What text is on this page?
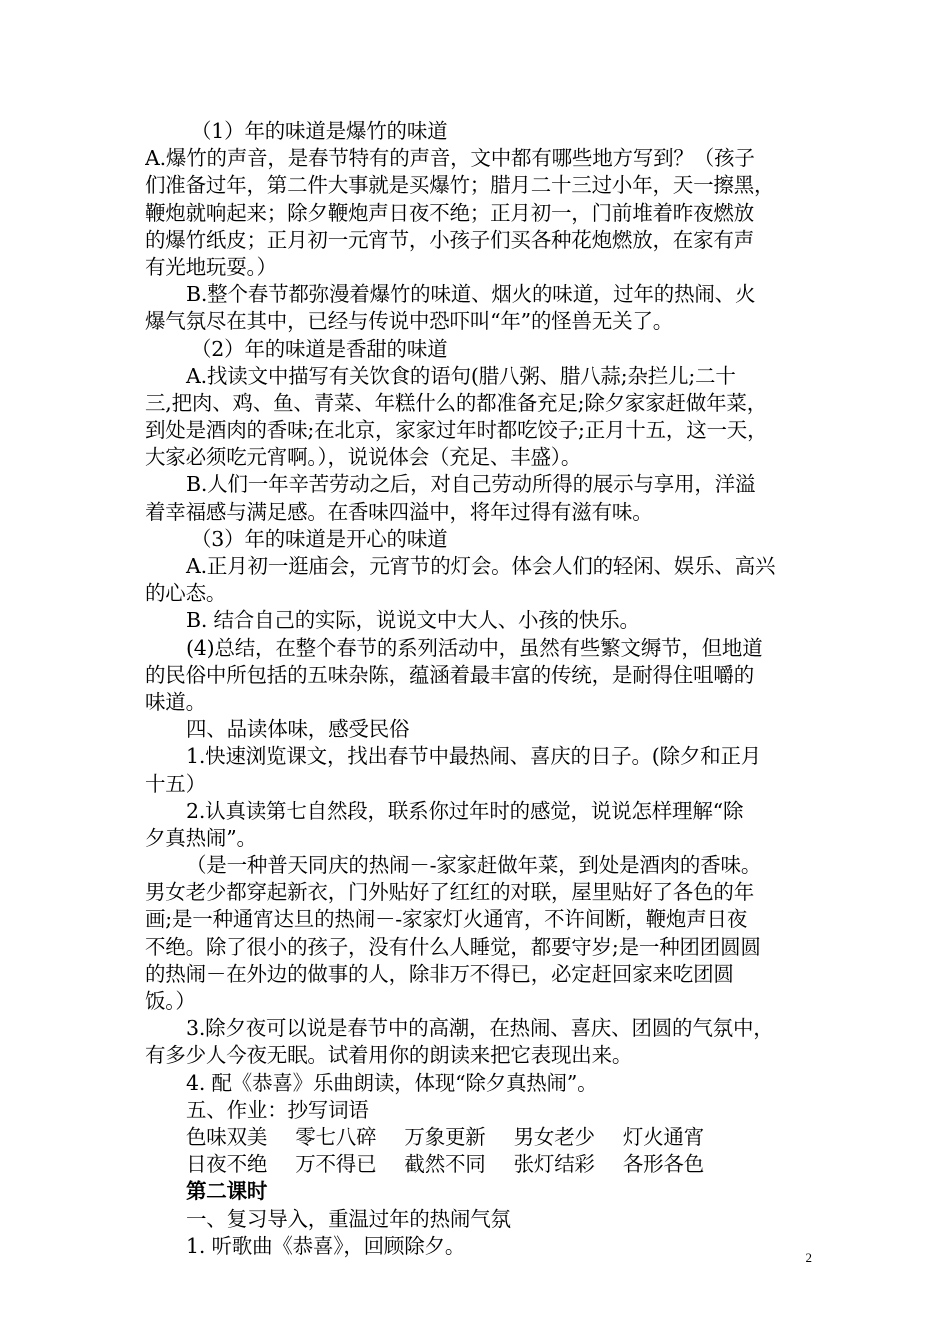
（1）年的味道是爆竹的味道
A.爆竹的声音，是春节特有的声音，文中都有哪些地方写到？（孩子
们准备过年，第二件大事就是买爆竹；腊月二十三过小年，天一擦黑，
鞭炮就响起来；除夕鞭炮声日夜不绝；正月初一，门前堆着昨夜燃放
的爆竹纸皮；正月初一元宵节，小孩子们买各种花炮燃放，在家有声
有光地玩耍。）
B.整个春节都弥漫着爆竹的味道、烟火的味道，过年的热闹、火
爆气氛尽在其中，已经与传说中恐吓叫“年”的怪兽无关了。
（2）年的味道是香甜的味道
A.找读文中描写有关饮食的语句(腊八粥、腊八蒜;杂拦儿;二十
三,把肉、鸡、鱼、青菜、年糕什么的都准备充足;除夕家家赶做年菜，
到处是酒肉的香味;在北京，家家过年时都吃饺子;正月十五，这一天，
大家必须吃元宵啊。），说说体会（充足、丰盛）。
B.人们一年辛苦劳动之后，对自己劳动所得的展示与享用，洋溢
着幸福感与满足感。在香味四溢中，将年过得有滋有味。
（3）年的味道是开心的味道
A.正月初一逛庙会，元宵节的灯会。体会人们的轻闲、娱乐、高兴
的心态。
B. 结合自己的实际，说说文中大人、小孩的快乐。
(4)总结，在整个春节的系列活动中，虽然有些繁文缛节，但地道
的民俗中所包括的五味杂陈，蕴涵着最丰富的传统，是耐得住咀嚼的
味道。
四、品读体味，感受民俗
1.快速浏览课文，找出春节中最热闹、喜庆的日子。(除夕和正月
十五）
2.认真读第七自然段，联系你过年时的感觉，说说怎样理解“除
夕真热闹”。
（是一种普天同庆的热闹－-家家赶做年菜，到处是酒肉的香味。
男女老少都穿起新衣，门外贴好了红红的对联，屋里贴好了各色的年
画;是一种通宵达旦的热闹－-家家灯火通宵，不许间断，鞭炮声日夜
不绝。除了很小的孩子，没有什么人睡觉，都要守岁;是一种团团圆圆
的热闹－在外边的做事的人，除非万不得已，必定赶回家来吃团圆
饭。）
3.除夕夜可以说是春节中的高潮，在热闹、喜庆、团圆的气氛中，
有多少人今夜无眠。试着用你的朗读来把它表现出来。
4. 配《恭喜》乐曲朗读，体现“除夕真热闹”。
五、作业：抄写词语
色味双美 零七八碎 万象更新 男女老少 灯火通宵
日夜不绝 万不得已 截然不同 张灯结彩 各形各色
第二课时
一、复习导入，重温过年的热闹气氛
1. 听歌曲《恭喜》，回顾除夕。	2
